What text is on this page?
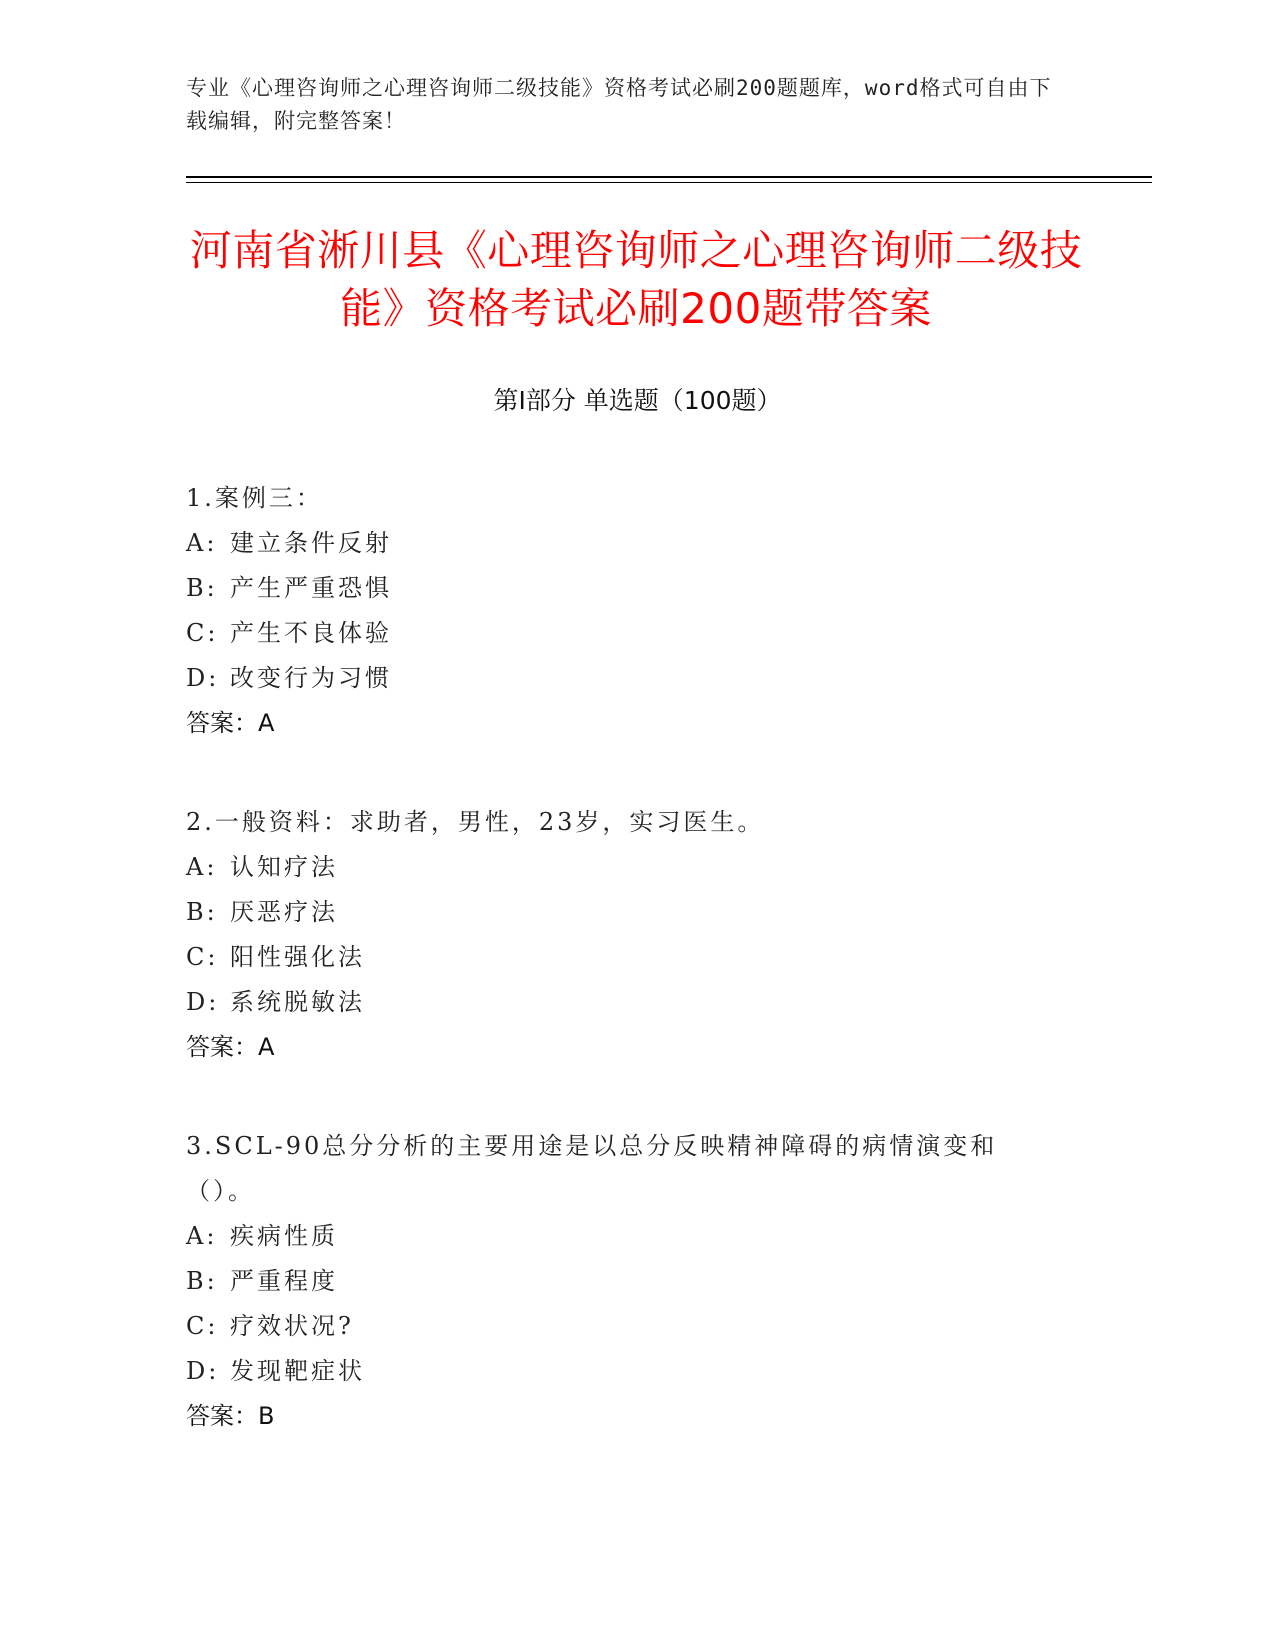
专业《心理咨询师之心理咨询师二级技能》资格考试必刷200题题库，word格式可自由下载编辑，附完整答案！
河南省淅川县《心理咨询师之心理咨询师二级技能》资格考试必刷200题带答案
第Ⅰ部分 单选题（100题）
1.案例三：
A: 建立条件反射
B: 产生严重恐惧
C: 产生不良体验
D: 改变行为习惯
答案：A
2.一般资料：求助者，男性，23岁，实习医生。
A: 认知疗法
B: 厌恶疗法
C: 阳性强化法
D: 系统脱敏法
答案：A
3.SCL-90总分分析的主要用途是以总分反映精神障碍的病情演变和（）。
A: 疾病性质
B: 严重程度
C: 疗效状况?
D: 发现靶症状
答案：B
